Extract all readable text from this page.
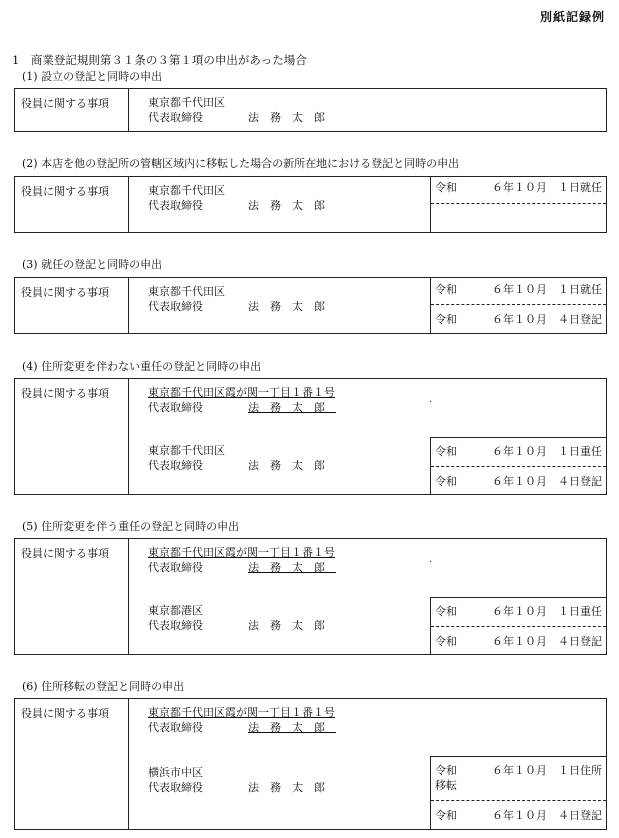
別紙記録例
1　商業登記規則第３１条の３第１項の申出があった場合
(1) 設立の登記と同時の申出
役員に関する事項	東京都千代田区
代表取締役	法務太郎
(2) 本店を他の登記所の管轄区域内に移転した場合の新所在地における登記と同時の申出
役員に関する事項	東京都千代田区
代表取締役	法務太郎
令和	６年１０月　１日就任
(3) 就任の登記と同時の申出
役員に関する事項	東京都千代田区
代表取締役	法務太郎
令和	６年１０月　１日就任
令和	６年１０月　４日登記
(4) 住所変更を伴わない重任の登記と同時の申出
役員に関する事項	東京都千代田区霞が関一丁目１番１号
代表取締役	法務太郎	·
東京都千代田区
代表取締役	法務太郎
令和	６年１０月　１日重任
令和	６年１０月　４日登記
(5) 住所変更を伴う重任の登記と同時の申出
役員に関する事項	東京都千代田区霞が関一丁目１番１号
代表取締役	法務太郎	·
東京都港区
代表取締役	法務太郎
令和	６年１０月　１日重任
令和	６年１０月　４日登記
(6) 住所移転の登記と同時の申出
役員に関する事項	東京都千代田区霞が関一丁目１番１号
代表取締役	法務太郎
横浜市中区
代表取締役	法務太郎
令和	６年１０月　１日住所
移転
令和	６年１０月　４日登記
